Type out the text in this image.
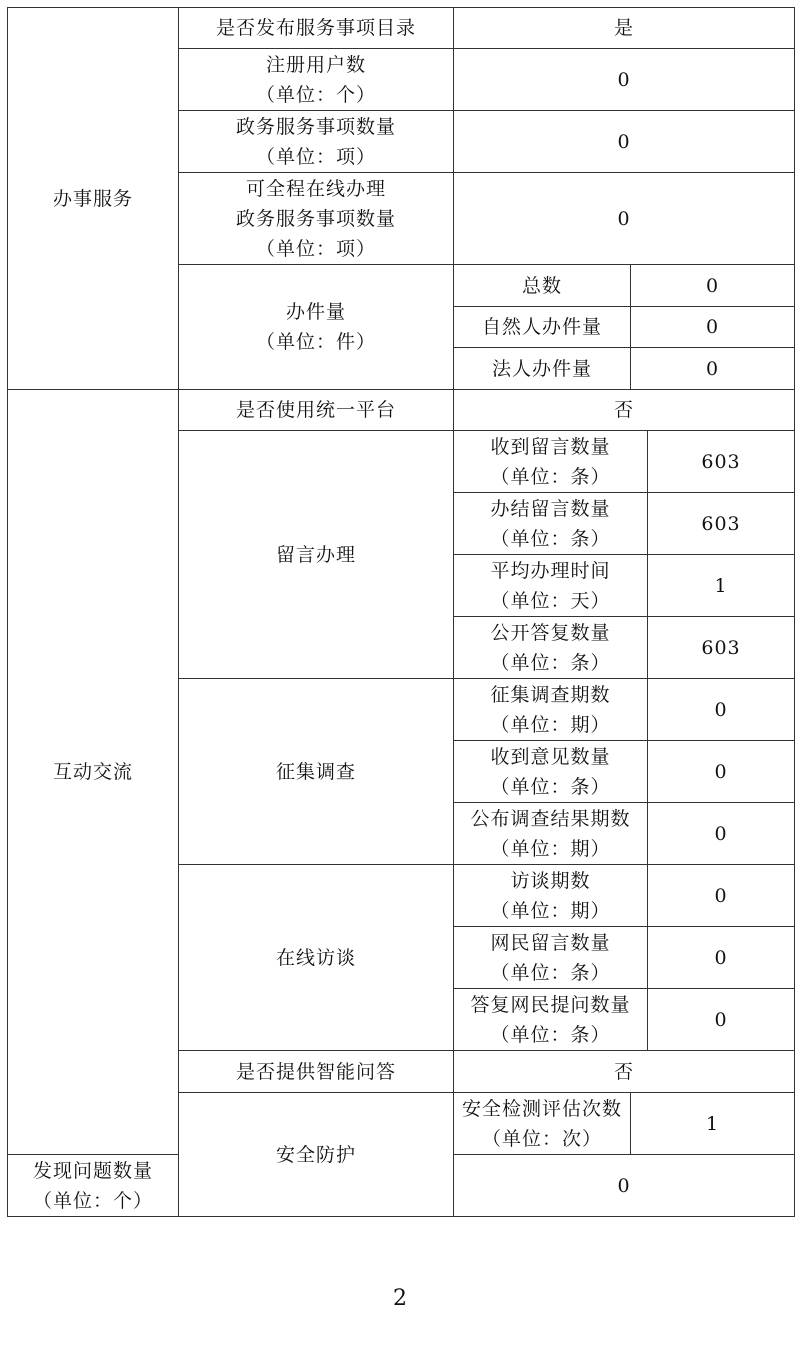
办事服务	是否发布服务事项目录	是		

	注册用户数
（单位：个）	0		

	政务服务事项数量
（单位：项）	0		

	可全程在线办理
政务服务事项数量
（单位：项）	0		

	办件量
（单位：件）	总数	0	
		自然人办件量	0	
		法人办件量	0	
互动交流	是否使用统一平台	否		
	留言办理	收到留言数量
（单位：条）		603

		办结留言数量
（单位：条）		603

		平均办理时间
（单位：天）		1

		公开答复数量
（单位：条）		603
	征集调查	征集调查期数
（单位：期）		0

		收到意见数量
（单位：条）		0

		公布调查结果期数
（单位：期）		0
	在线访谈	访谈期数
（单位：期）		0

		网民留言数量
（单位：条）		0

		答复网民提问数量
（单位：条）		0
	是否提供智能问答	否		
	安全防护	安全检测评估次数
（单位：次）	1	

发现问题数量
（单位：个）		0		
2
